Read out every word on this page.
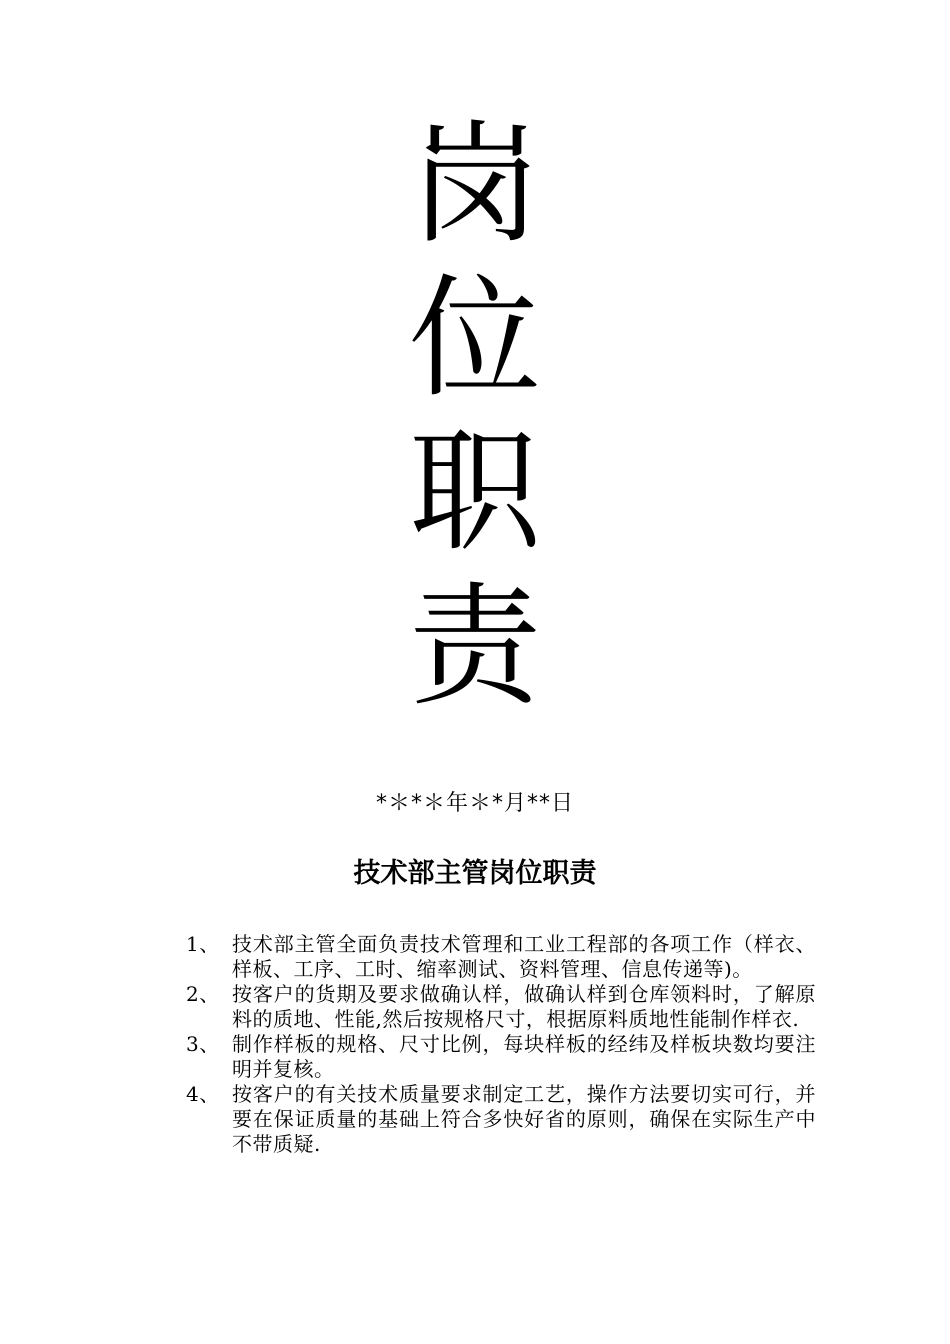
岗
位
职
责
*＊*＊年＊*月**日
技术部主管岗位职责
1、 技术部主管全面负责技术管理和工业工程部的各项工作（样衣、样板、工序、工时、缩率测试、资料管理、信息传递等)。
2、 按客户的货期及要求做确认样，做确认样到仓库领料时，了解原料的质地、性能,然后按规格尺寸，根据原料质地性能制作样衣.
3、 制作样板的规格、尺寸比例，每块样板的经纬及样板块数均要注明并复核。
4、 按客户的有关技术质量要求制定工艺，操作方法要切实可行，并要在保证质量的基础上符合多快好省的原则，确保在实际生产中不带质疑.
